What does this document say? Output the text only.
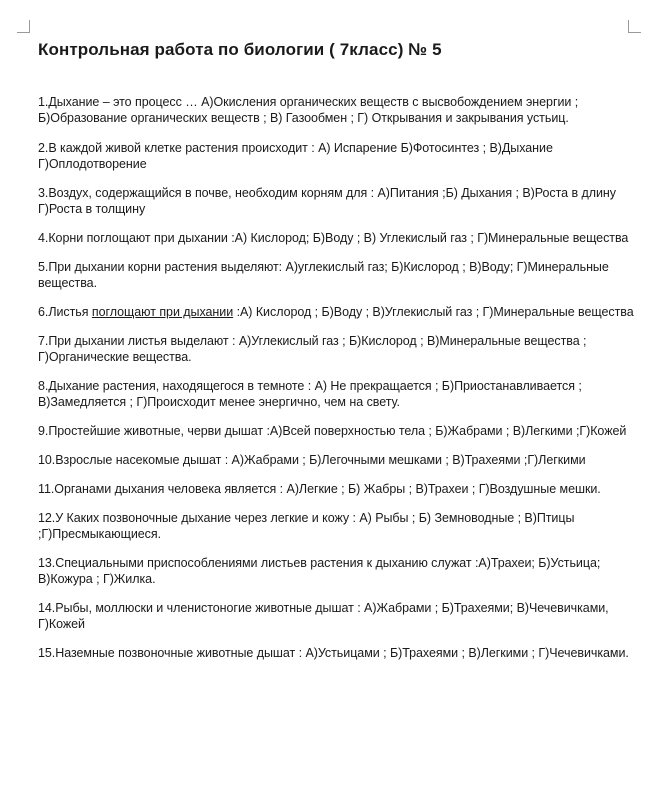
Контрольная работа по биологии ( 7класс) № 5
1.Дыхание – это процесс … А)Окисления органических веществ с высвобождением энергии ; Б)Образование органических веществ ; В) Газообмен ; Г) Открывания и закрывания устьиц.
2.В каждой живой клетке растения происходит : А) Испарение Б)Фотосинтез ; В)Дыхание Г)Оплодотворение
3.Воздух, содержащийся в почве, необходим корням для : А)Питания ;Б) Дыхания ; В)Роста в длину Г)Роста в толщину
4.Корни поглощают при дыхании :А) Кислород; Б)Воду ; В) Углекислый газ ; Г)Минеральные вещества
5.При дыхании корни растения выделяют: А)углекислый газ; Б)Кислород ; В)Воду; Г)Минеральные вещества.
6.Листья поглощают при дыхании :А) Кислород ; Б)Воду ; В)Углекислый газ ; Г)Минеральные вещества
7.При дыхании листья выделают : А)Углекислый газ ; Б)Кислород ; В)Минеральные вещества ; Г)Органические вещества.
8.Дыхание растения, находящегося в темноте : А) Не прекращается ; Б)Приостанавливается ; В)Замедляется ; Г)Происходит менее энергично, чем на свету.
9.Простейшие животные, черви дышат :А)Всей поверхностью тела ; Б)Жабрами ; В)Легкими ;Г)Кожей
10.Взрослые насекомые дышат : А)Жабрами ; Б)Легочными мешками ; В)Трахеями ;Г)Легкими
11.Органами дыхания человека является : А)Легкие ; Б) Жабры ; В)Трахеи ; Г)Воздушные мешки.
12.У Каких позвоночные дыхание через легкие и кожу : А) Рыбы ; Б) Земноводные ; В)Птицы ;Г)Пресмыкающиеся.
13.Специальными приспособлениями листьев растения к дыханию служат :А)Трахеи; Б)Устьица; В)Кожура ; Г)Жилка.
14.Рыбы, моллюски и членистоногие животные дышат : А)Жабрами ; Б)Трахеями; В)Чечевичками, Г)Кожей
15.Наземные позвоночные животные дышат : А)Устьицами ; Б)Трахеями ; В)Легкими ; Г)Чечевичками.
